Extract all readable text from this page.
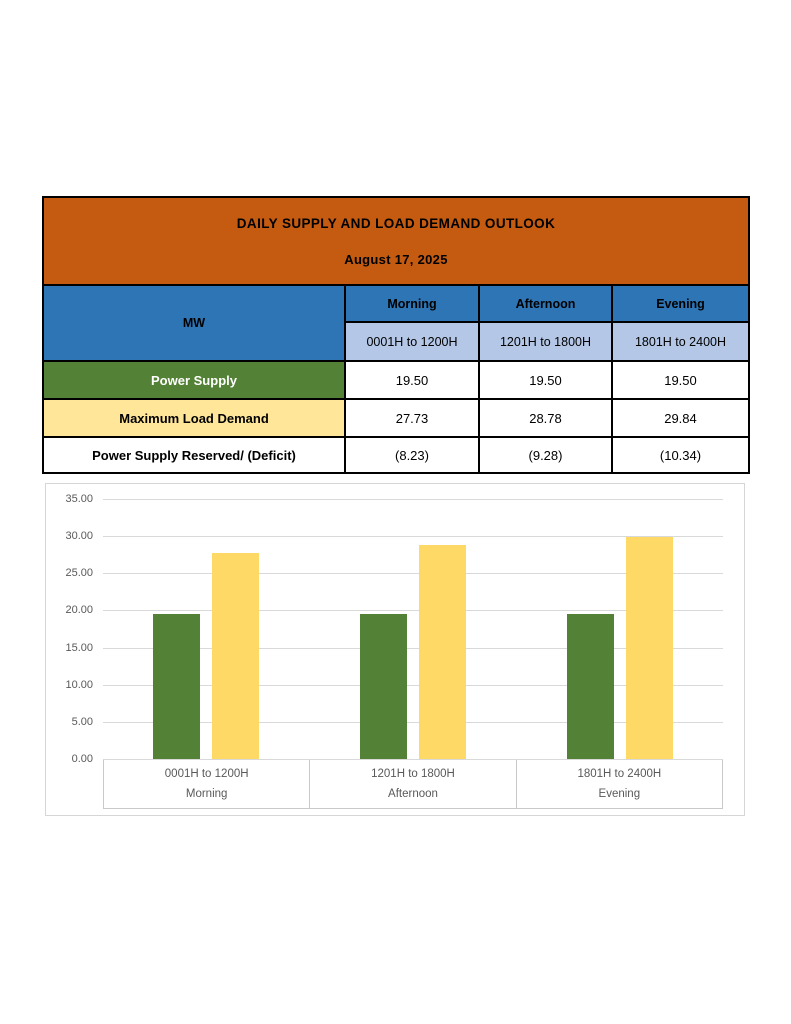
DAILY SUPPLY AND LOAD DEMAND OUTLOOK
August 17, 2025			

MW	Morning	Afternoon	Evening
	0001H to 1200H	1201H to 1800H	1801H to 2400H
Power Supply	19.50	19.50	19.50
Maximum Load Demand	27.73	28.78	29.84
Power Supply Reserved/ (Deficit)	(8.23)	(9.28)	(10.34)
0001H to 1200H
Morning
1201H to 1800H
Afternoon
1801H to 2400H
Evening
0.00
5.00
10.00
15.00
20.00
25.00
30.00
35.00
